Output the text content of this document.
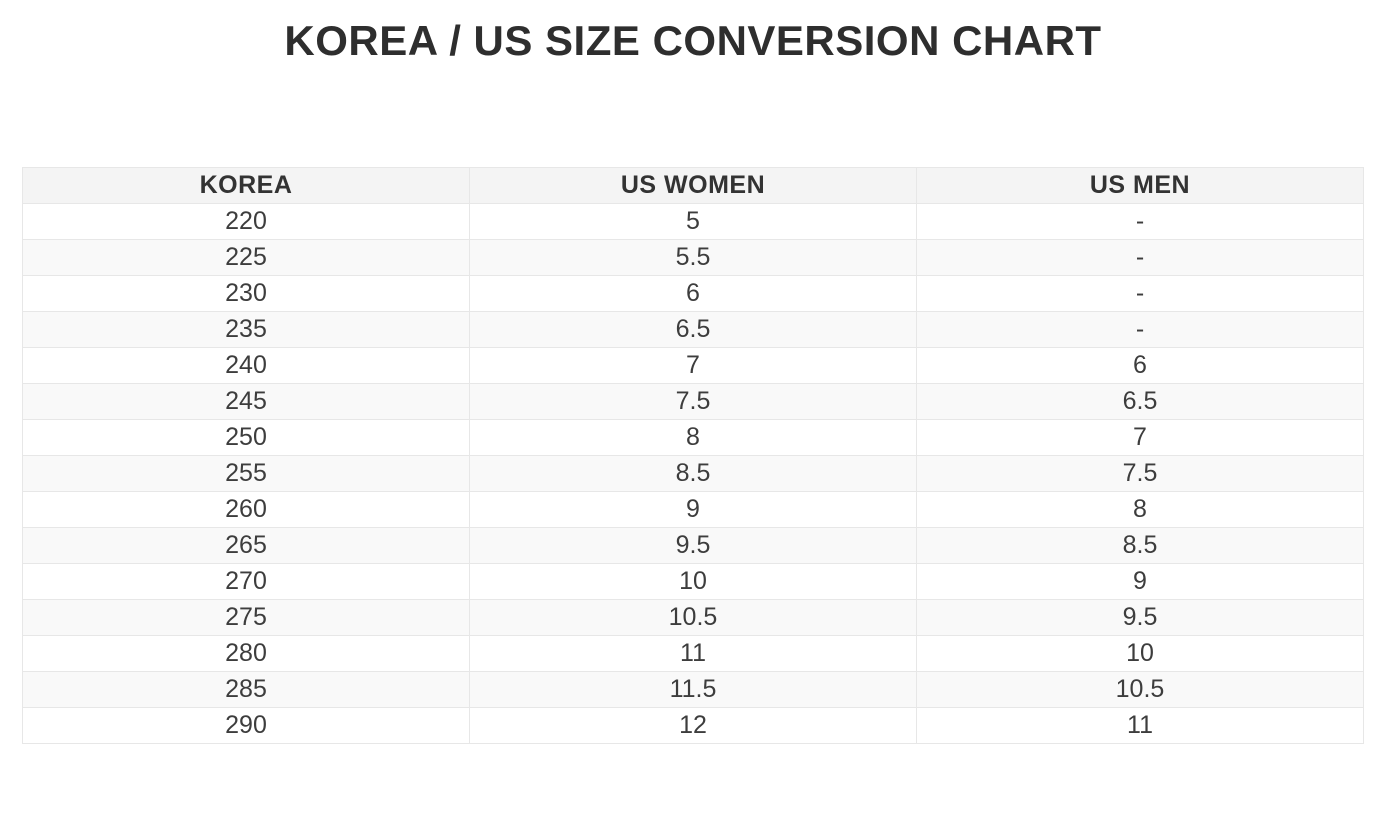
KOREA / US SIZE CONVERSION CHART
KOREA	US WOMEN	US MEN
220	5	-
225	5.5	-
230	6	-
235	6.5	-
240	7	6
245	7.5	6.5
250	8	7
255	8.5	7.5
260	9	8
265	9.5	8.5
270	10	9
275	10.5	9.5
280	11	10
285	11.5	10.5
290	12	11
